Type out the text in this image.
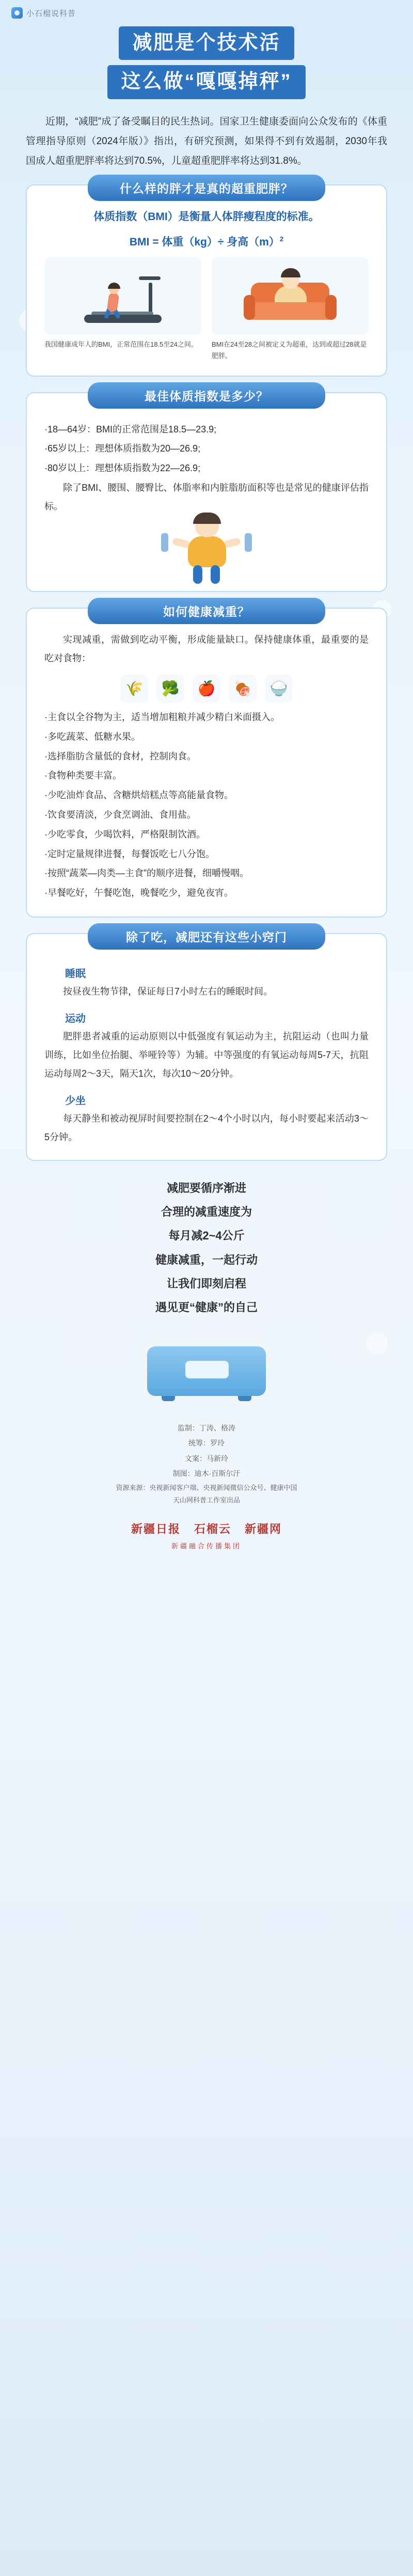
小石榴说科普
减肥是个技术活
这么做“嘎嘎掉秤”
近期，“减肥”成了备受瞩目的民生热词。国家卫生健康委面向公众发布的《体重管理指导原则（2024年版）》指出，有研究预测，如果得不到有效遏制，2030年我国成人超重肥胖率将达到70.5%，儿童超重肥胖率将达到31.8%。
什么样的胖才是真的超重肥胖？
体质指数（BMI）是衡量人体胖瘦程度的标准。
BMI = 体重（kg）÷ 身高$(m)^2$
我国健康成年人的BMI，正常范围在18.5至24之间。	BMI在24至28之间被定义为超重，达到或超过28就是肥胖。
最佳体质指数是多少？
·18—64岁：BMI的正常范围是18.5—23.9;
·65岁以上：理想体质指数为20—26.9;
·80岁以上：理想体质指数为22—26.9;
除了BMI、腰围、腰臀比、体脂率和内脏脂肪面积等也是常见的健康评估指标。
如何健康减重？
实现减重，需做到吃动平衡，形成能量缺口。保持健康体重，最重要的是吃对食物：
🌾	🥦	🍎	🍖	🍚
·主食以全谷物为主，适当增加粗粮并减少精白米面摄入。
·多吃蔬菜、低糖水果。
·选择脂肪含量低的食材，控制肉食。
·食物种类要丰富。
·少吃油炸食品、含糖烘焙糕点等高能量食物。
·饮食要清淡，少食烹调油、食用盐。
·少吃零食，少喝饮料，严格限制饮酒。
·定时定量规律进餐，每餐饭吃七八分饱。
·按照“蔬菜—肉类—主食”的顺序进餐，细嚼慢咽。
·早餐吃好，午餐吃饱，晚餐吃少，避免夜宵。
除了吃，减肥还有这些小窍门
睡眠
按昼夜生物节律，保证每日7小时左右的睡眠时间。
运动
肥胖患者减重的运动原则以中低强度有氧运动为主，抗阻运动（也叫力量训练，比如坐位抬腿、举哑铃等）为辅。中等强度的有氧运动每周5-7天，抗阻运动每周2～3天，隔天1次，每次10～20分钟。
少坐
每天静坐和被动视屏时间要控制在2～4个小时以内，每小时要起来活动3～5分钟。
减肥要循序渐进
合理的减重速度为
每月减2~4公斤
健康减重，一起行动
让我们即刻启程
遇见更“健康”的自己
监制：丁涛、格涛
统筹：罗玲
文案：马新玲
制图：迪木·百斯尔汗
资源来源：央视新闻客户端、央视新闻微信公众号、健康中国
天山网科普工作室出品
新疆日报 石榴云 新疆网
新疆融合传播集团
